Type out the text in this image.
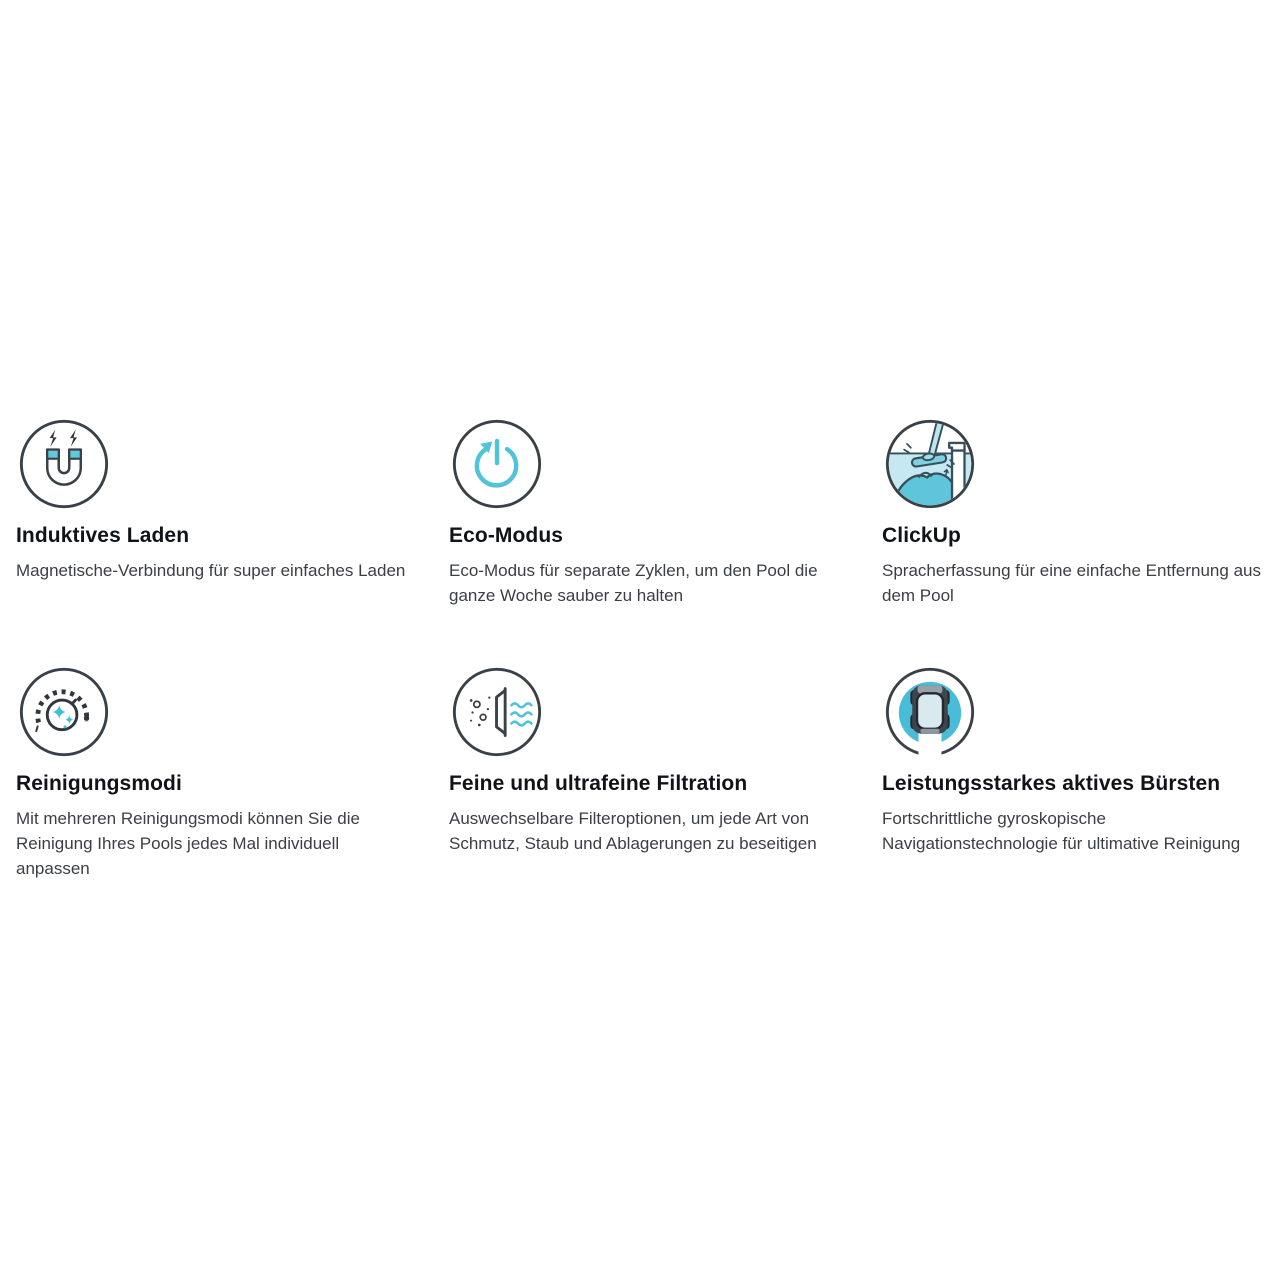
Induktives Laden

Magnetische-Verbindung für super einfaches Laden

Eco-Modus

Eco-Modus für separate Zyklen, um den Pool die ganze Woche sauber zu halten

ClickUp

Spracherfassung für eine einfache Entfernung aus dem Pool

Reinigungsmodi

Mit mehreren Reinigungsmodi können Sie die Reinigung Ihres Pools jedes Mal individuell anpassen

Feine und ultrafeine Filtration

Auswechselbare Filteroptionen, um jede Art von Schmutz, Staub und Ablagerungen zu beseitigen

Leistungsstarkes aktives Bürsten

Fortschrittliche gyroskopische Navigationstechnologie für ultimative Reinigung
